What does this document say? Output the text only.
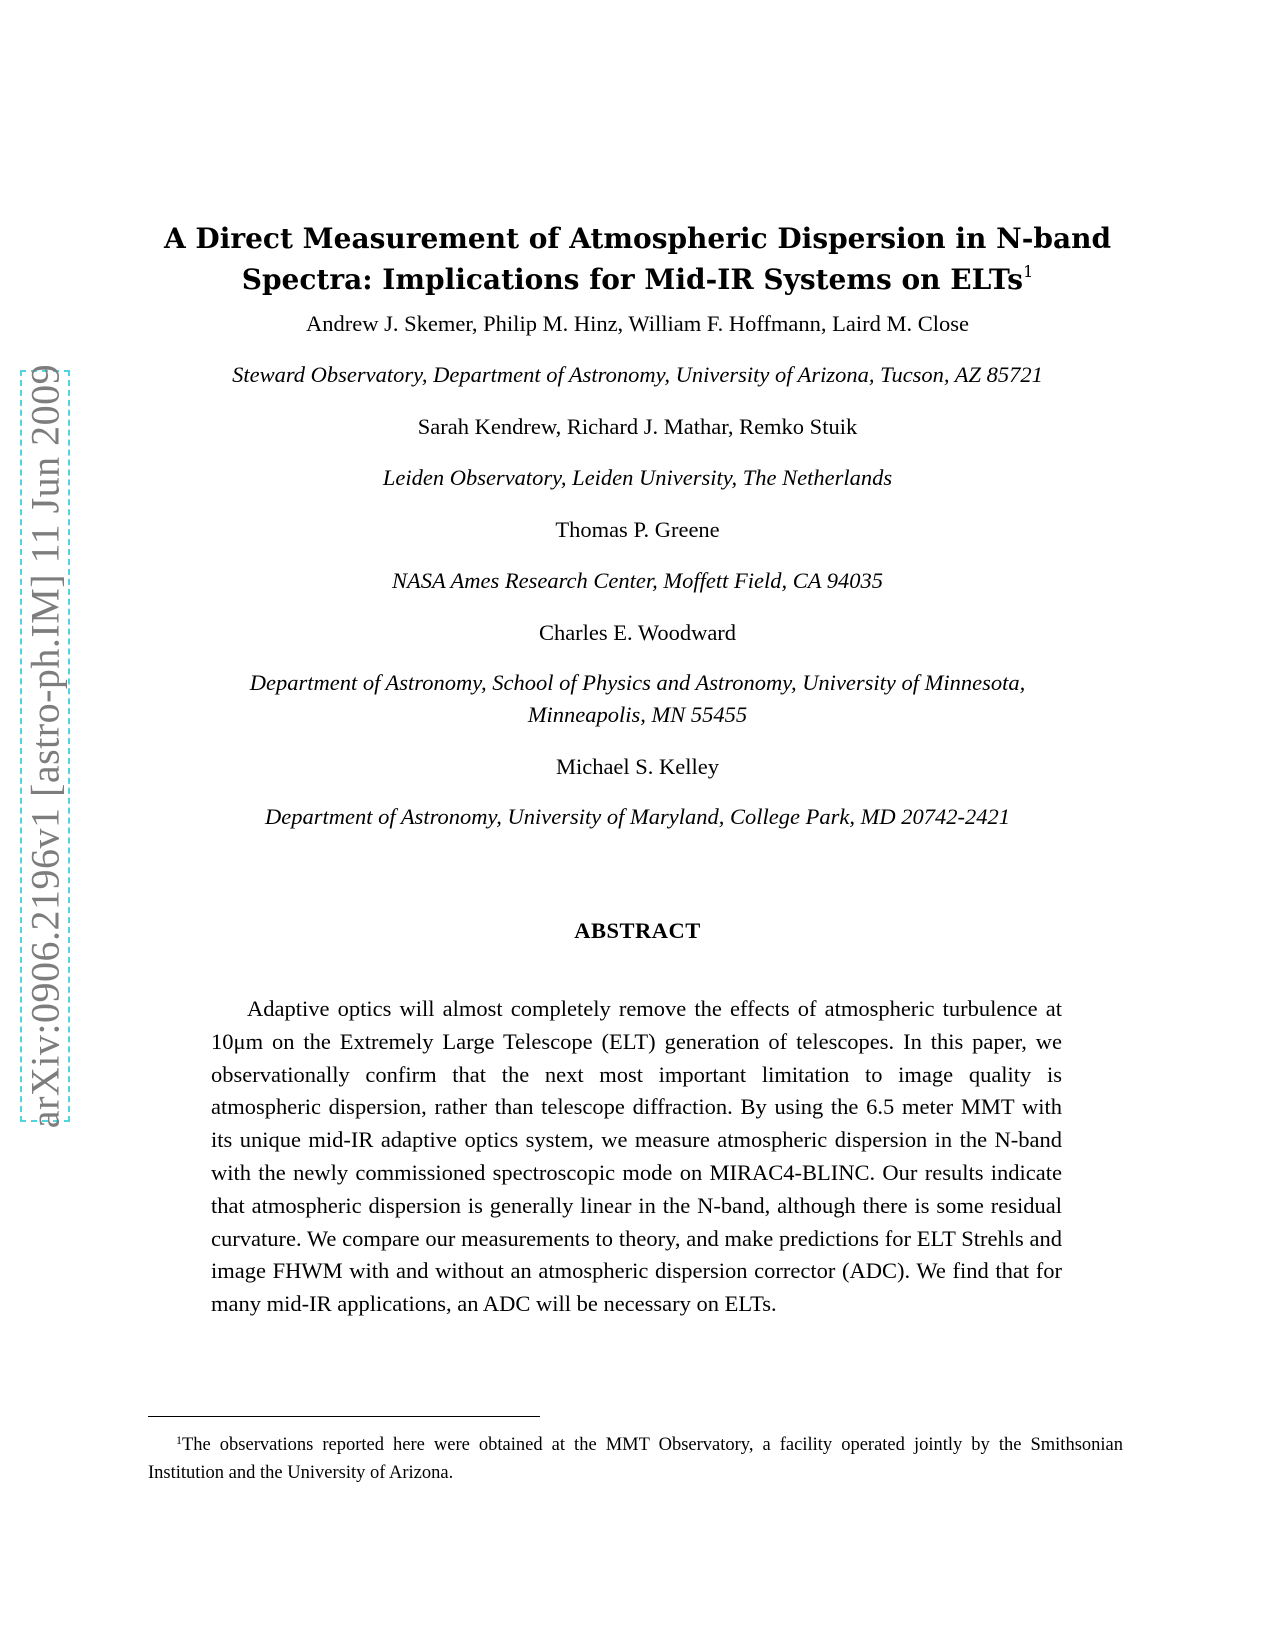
arXiv:0906.2196v1 [astro-ph.IM] 11 Jun 2009
A Direct Measurement of Atmospheric Dispersion in N-band
Spectra: Implications for Mid-IR Systems on ELTs$^1$
Andrew J. Skemer, Philip M. Hinz, William F. Hoffmann, Laird M. Close
Steward Observatory, Department of Astronomy, University of Arizona, Tucson, AZ 85721
Sarah Kendrew, Richard J. Mathar, Remko Stuik
Leiden Observatory, Leiden University, The Netherlands
Thomas P. Greene
NASA Ames Research Center, Moffett Field, CA 94035
Charles E. Woodward
Department of Astronomy, School of Physics and Astronomy, University of Minnesota,
Minneapolis, MN 55455
Michael S. Kelley
Department of Astronomy, University of Maryland, College Park, MD 20742-2421
ABSTRACT

Adaptive optics will almost completely remove the effects of atmospheric turbulence at 10μm on the Extremely Large Telescope (ELT) generation of telescopes. In this paper, we observationally confirm that the next most important limitation to image quality is atmospheric dispersion, rather than telescope diffraction. By using the 6.5 meter MMT with its unique mid-IR adaptive optics system, we measure atmospheric dispersion in the N-band with the newly commissioned spectroscopic mode on MIRAC4-BLINC. Our results indicate that atmospheric dispersion is generally linear in the N-band, although there is some residual curvature. We compare our measurements to theory, and make predictions for ELT Strehls and image FHWM with and without an atmospheric dispersion corrector (ADC). We find that for many mid-IR applications, an ADC will be necessary on ELTs.

$^1$The observations reported here were obtained at the MMT Observatory, a facility operated jointly by the Smithsonian Institution and the University of Arizona.
